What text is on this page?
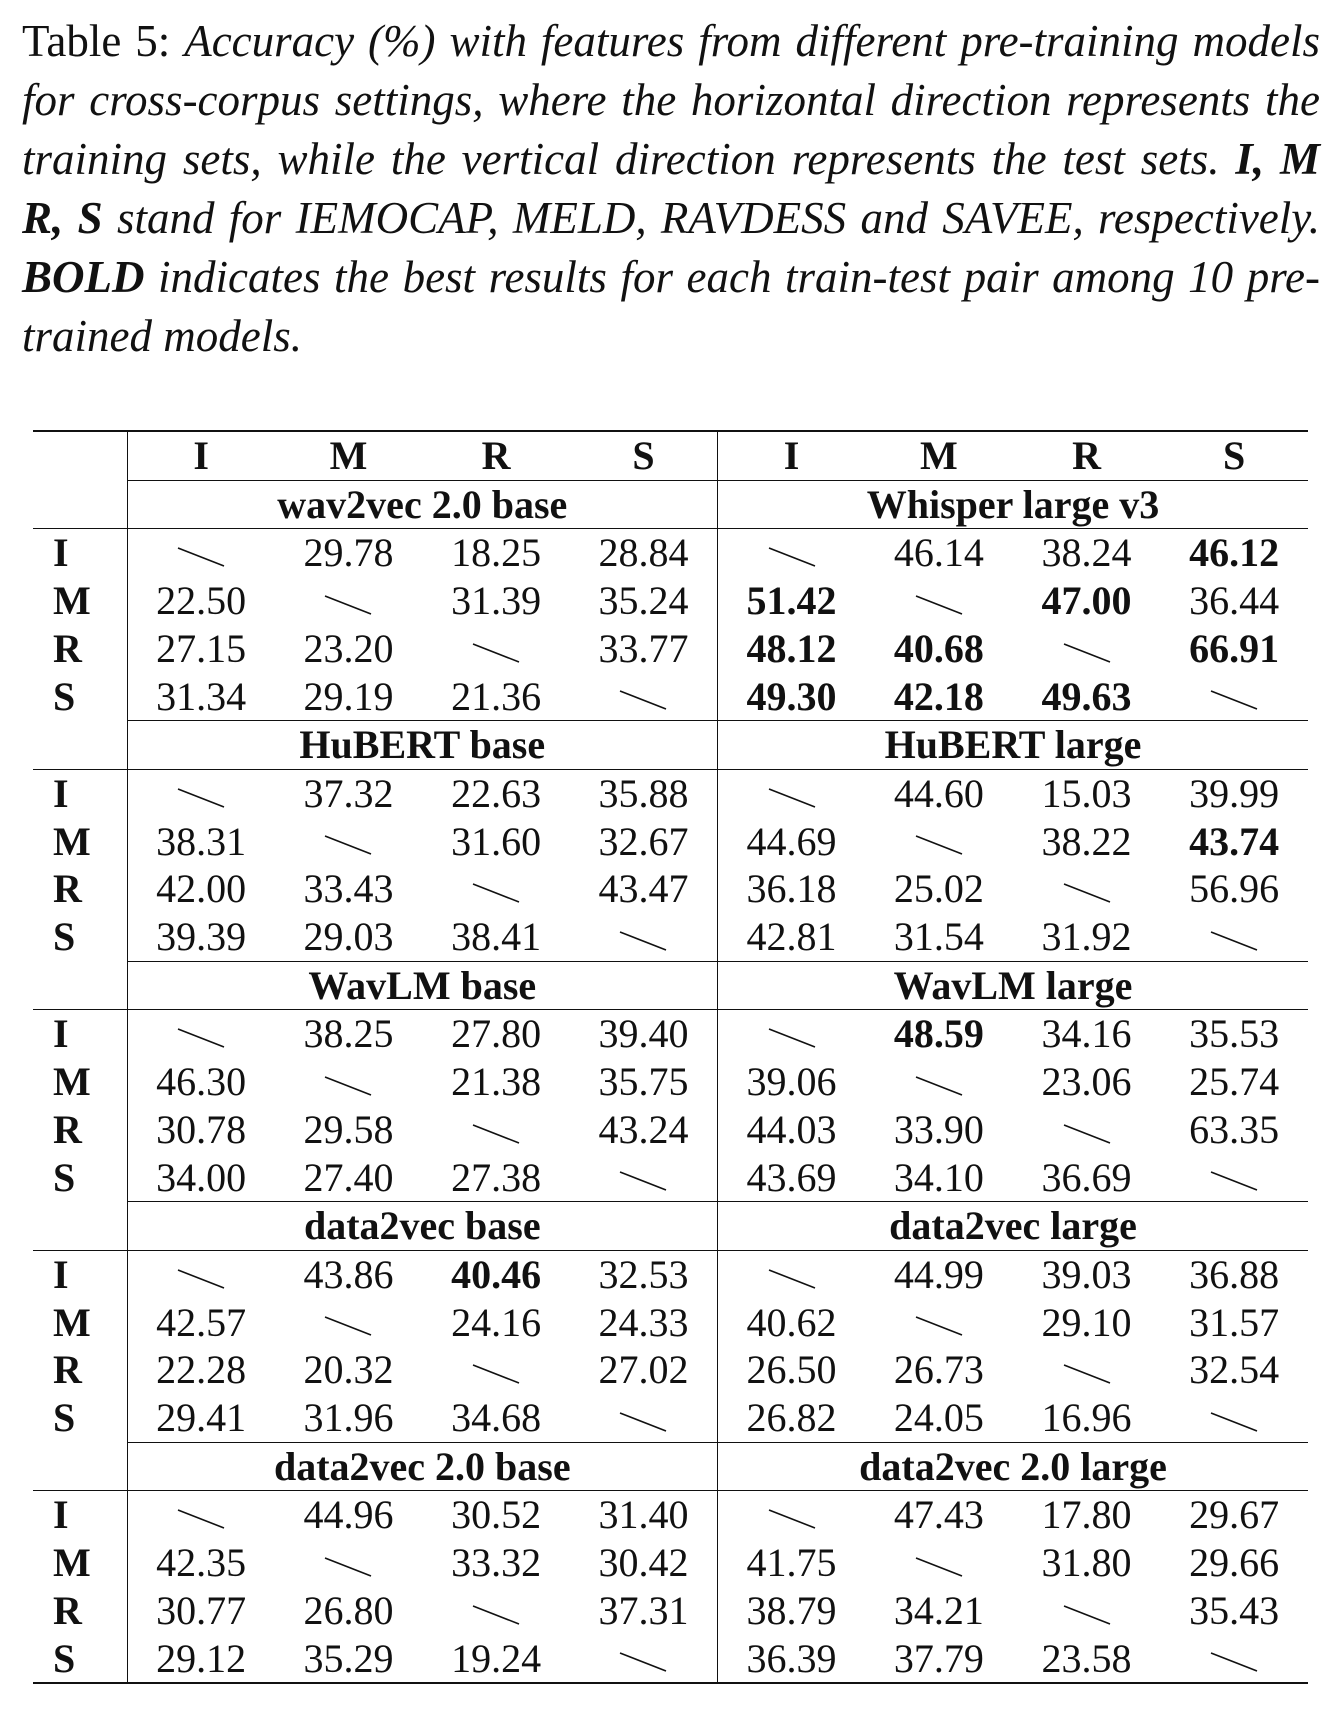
Table 5: Accuracy (%) with features from different pre-training models for cross-corpus settings, where the horizontal direction represents the training sets, while the vertical direction represents the test sets. I, M R, S stand for IEMOCAP, MELD, RAVDESS and SAVEE, respectively. BOLD indicates the best results for each train-test pair among 10 pre-trained models.
	I	M	R	S	I	M	R	S
	wav2vec 2.0 base				Whisper large v3			
I		29.78	18.25	28.84		46.14	38.24	46.12
M	22.50		31.39	35.24	51.42		47.00	36.44
R	27.15	23.20		33.77	48.12	40.68		66.91
S	31.34	29.19	21.36		49.30	42.18	49.63	

	HuBERT base				HuBERT large			
I		37.32	22.63	35.88		44.60	15.03	39.99
M	38.31		31.60	32.67	44.69		38.22	43.74
R	42.00	33.43		43.47	36.18	25.02		56.96
S	39.39	29.03	38.41		42.81	31.54	31.92	

	WavLM base				WavLM large			
I		38.25	27.80	39.40		48.59	34.16	35.53
M	46.30		21.38	35.75	39.06		23.06	25.74
R	30.78	29.58		43.24	44.03	33.90		63.35
S	34.00	27.40	27.38		43.69	34.10	36.69	

	data2vec base				data2vec large			
I		43.86	40.46	32.53		44.99	39.03	36.88
M	42.57		24.16	24.33	40.62		29.10	31.57
R	22.28	20.32		27.02	26.50	26.73		32.54
S	29.41	31.96	34.68		26.82	24.05	16.96	

	data2vec 2.0 base				data2vec 2.0 large			
I		44.96	30.52	31.40		47.43	17.80	29.67
M	42.35		33.32	30.42	41.75		31.80	29.66
R	30.77	26.80		37.31	38.79	34.21		35.43
S	29.12	35.29	19.24		36.39	37.79	23.58	
